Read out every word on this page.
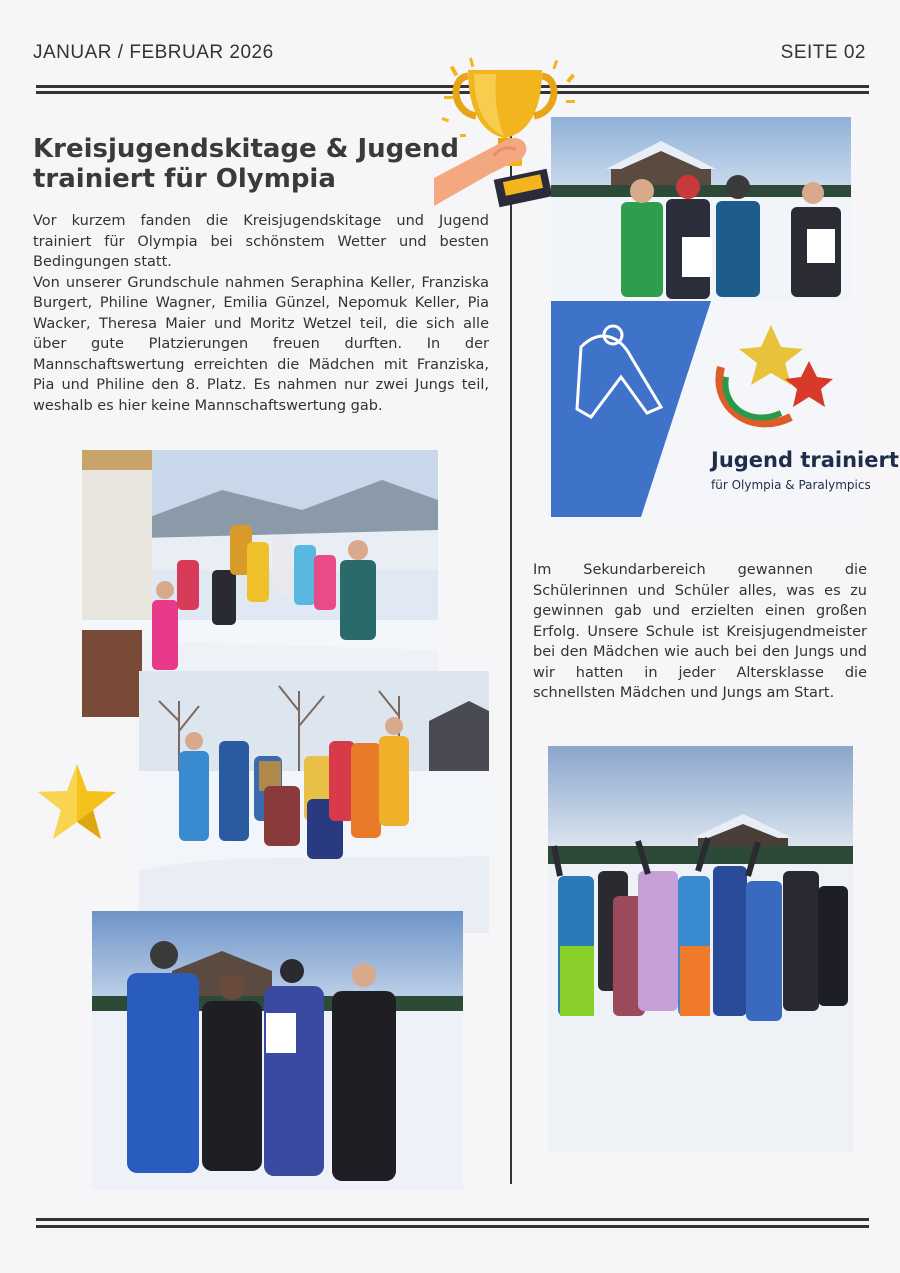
JANUAR / FEBRUAR 2026	SEITE 02
Kreisjugendskitage & Jugend trainiert für Olympia

Vor kurzem fanden die Kreisjugendskitage und Jugend trainiert für Olympia bei schönstem Wetter und besten Bedingungen statt.

Von unserer Grundschule nahmen Seraphina Keller, Franziska Burgert, Philine Wagner, Emilia Günzel, Nepomuk Keller, Pia Wacker, Theresa Maier und Moritz Wetzel teil, die sich alle über gute Platzierungen freuen durften. In der Mannschaftswertung erreichten die Mädchen mit Franziska, Pia und Philine den 8. Platz. Es nahmen nur zwei Jungs teil, weshalb es hier keine Mannschaftswertung gab.

Im Sekundarbereich gewannen die Schülerinnen und Schüler alles, was es zu gewinnen gab und erzielten einen großen Erfolg. Unsere Schule ist Kreisjugendmeister bei den Mädchen wie auch bei den Jungs und wir hatten in jeder Altersklasse die schnellsten Mädchen und Jungs am Start.

Jugend trainiert
für Olympia & Paralympics
